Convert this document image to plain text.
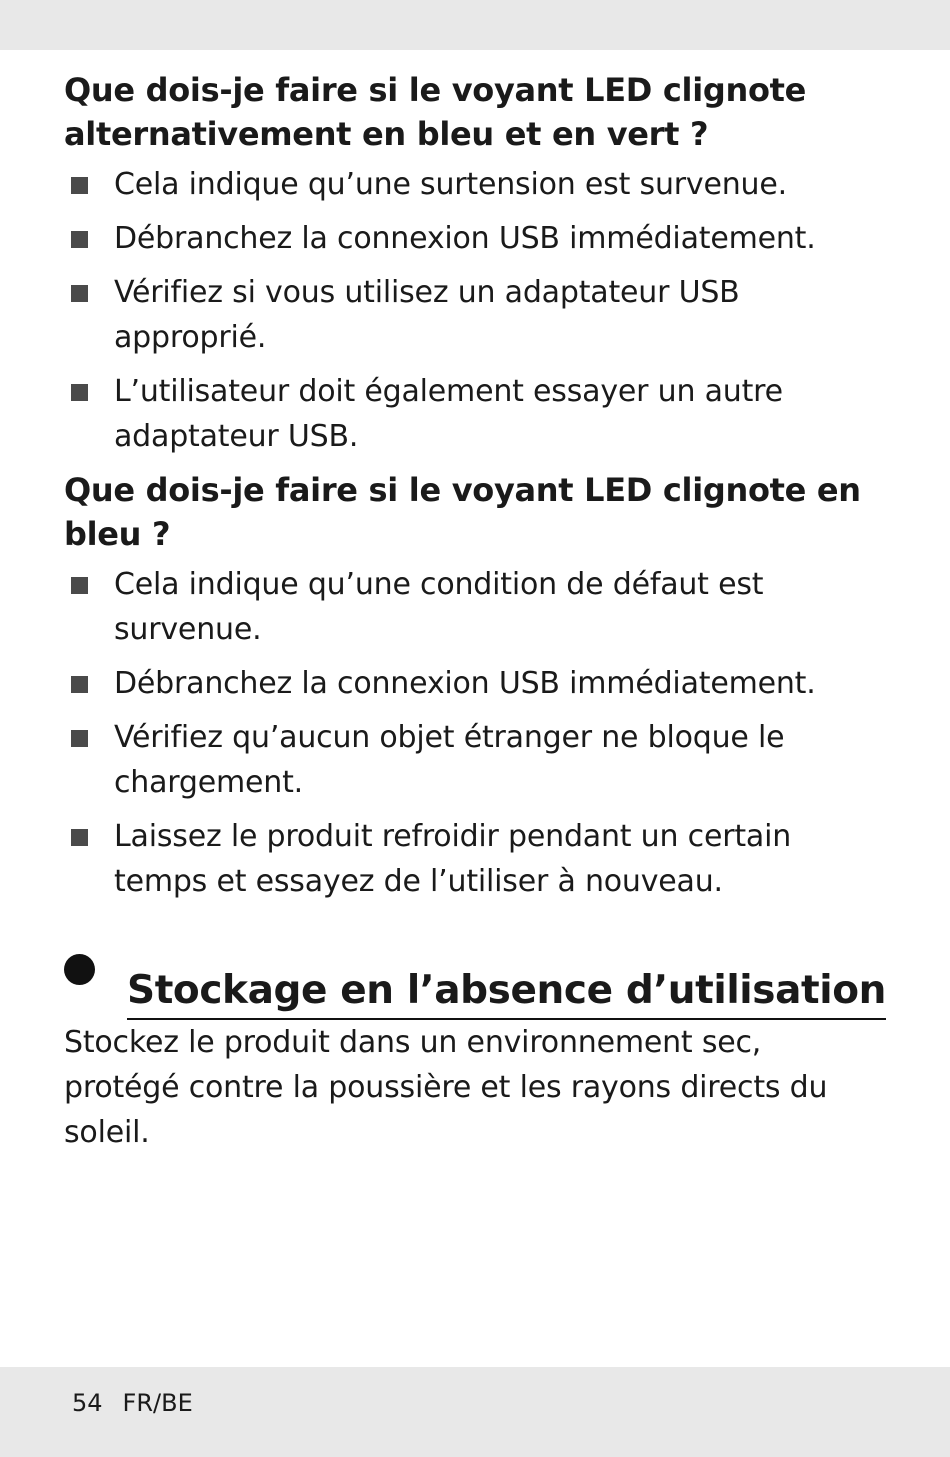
Que dois-je faire si le voyant LED clignote alternativement en bleu et en vert ?
Cela indique qu’une surtension est survenue.
Débranchez la connexion USB immédiatement.
Vérifiez si vous utilisez un adaptateur USB approprié.
L’utilisateur doit également essayer un autre adaptateur USB.
Que dois-je faire si le voyant LED clignote en bleu ?
Cela indique qu’une condition de défaut est survenue.
Débranchez la connexion USB immédiatement.
Vérifiez qu’aucun objet étranger ne bloque le chargement.
Laissez le produit refroidir pendant un certain temps et essayez de l’utiliser à nouveau.
Stockage en l’absence d’utilisation

Stockez le produit dans un environnement sec, protégé contre la poussière et les rayons directs du soleil.

54 FR/BE
